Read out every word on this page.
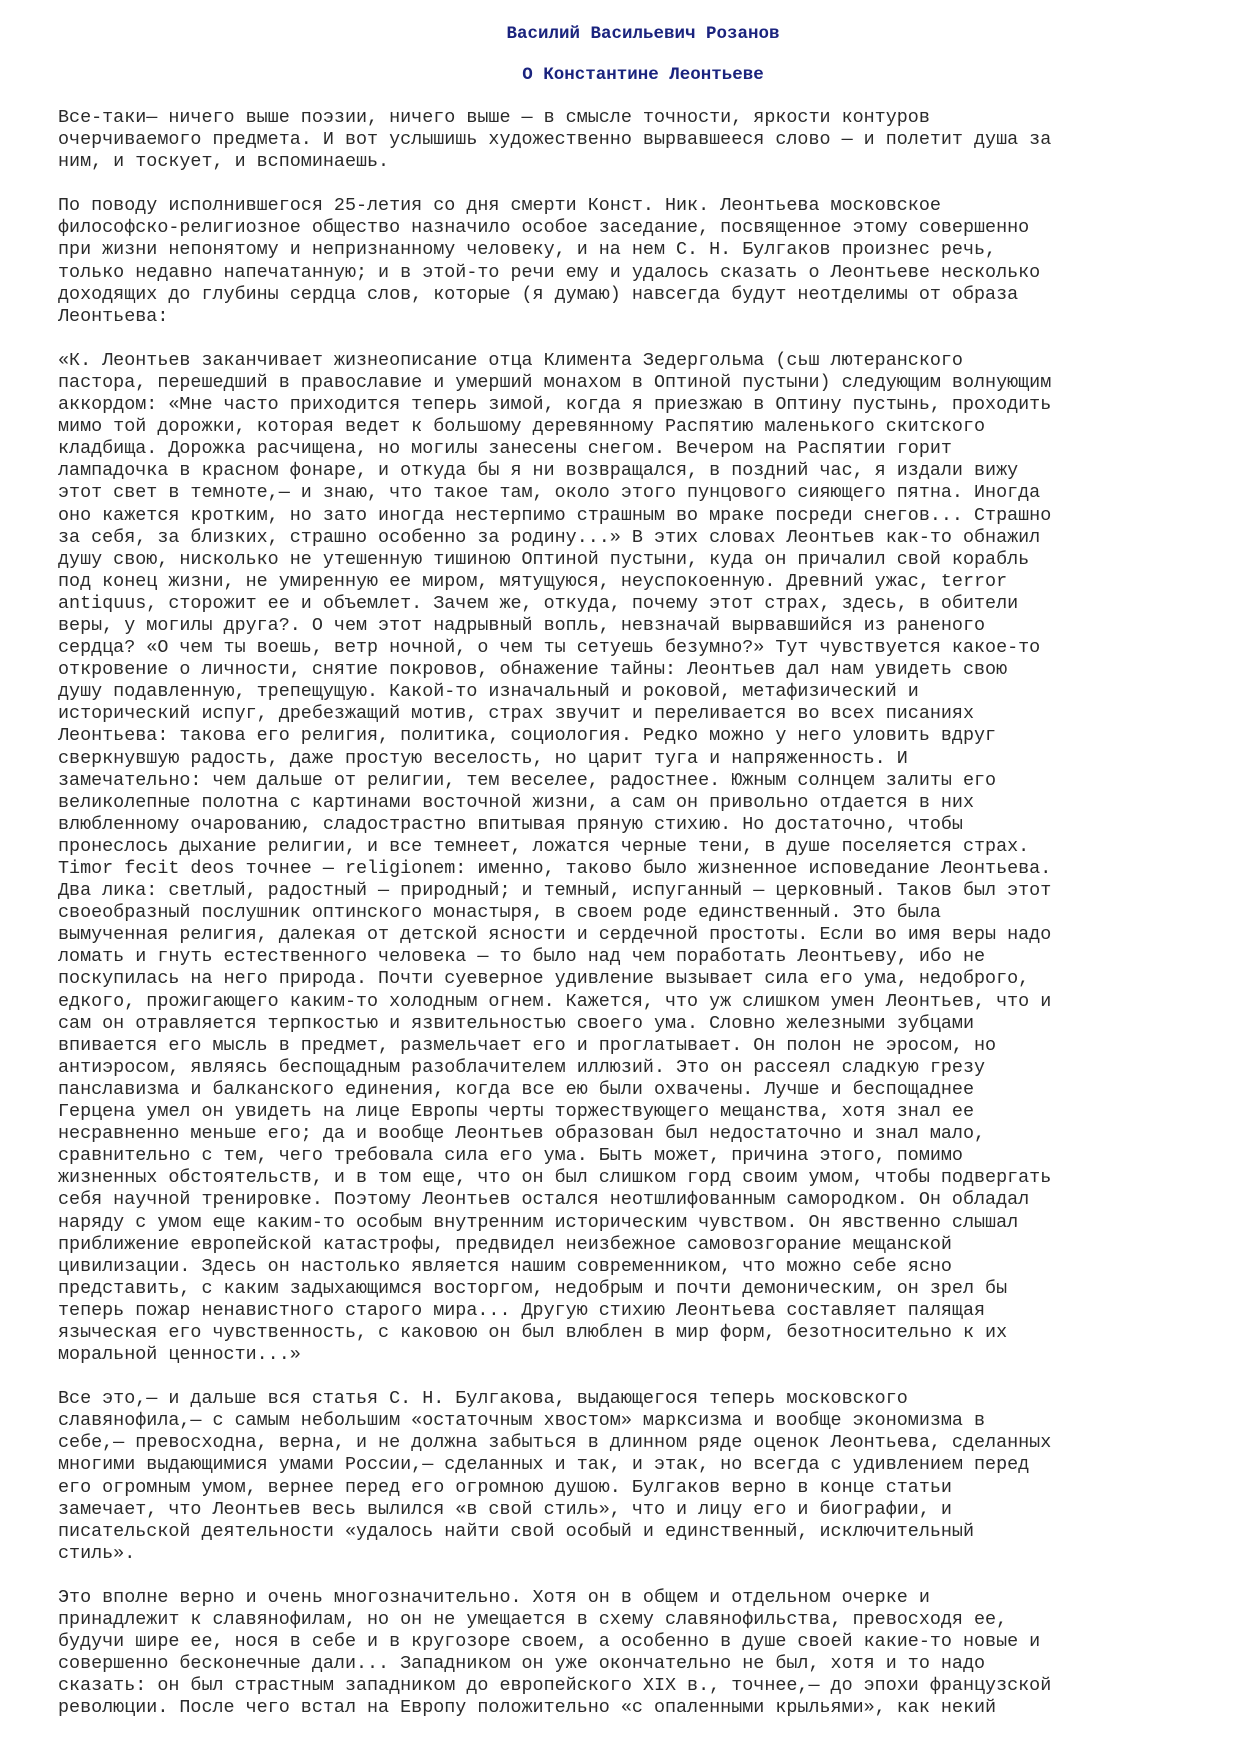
Василий Васильевич Розанов
О Константине Леонтьеве

Все-таки— ничего выше поэзии, ничего выше — в смысле точности, яркости контуров
очерчиваемого предмета. И вот услышишь художественно вырвавшееся слово — и полетит душа за
ним, и тоскует, и вспоминаешь.

По поводу исполнившегося 25-летия со дня смерти Конст. Ник. Леонтьева московское
философско-религиозное общество назначило особое заседание, посвященное этому совершенно
при жизни непонятому и непризнанному человеку, и на нем С. Н. Булгаков произнес речь,
только недавно напечатанную; и в этой-то речи ему и удалось сказать о Леонтьеве несколько
доходящих до глубины сердца слов, которые (я думаю) навсегда будут неотделимы от образа
Леонтьева:

«К. Леонтьев заканчивает жизнеописание отца Климента Зедергольма (сьш лютеранского
пастора, перешедший в православие и умерший монахом в Оптиной пустыни) следующим волнующим
аккордом: «Мне часто приходится теперь зимой, когда я приезжаю в Оптину пустынь, проходить
мимо той дорожки, которая ведет к большому деревянному Распятию маленького скитского
кладбища. Дорожка расчищена, но могилы занесены снегом. Вечером на Распятии горит
лампадочка в красном фонаре, и откуда бы я ни возвращался, в поздний час, я издали вижу
этот свет в темноте,— и знаю, что такое там, около этого пунцового сияющего пятна. Иногда
оно кажется кротким, но зато иногда нестерпимо страшным во мраке посреди снегов... Страшно
за себя, за близких, страшно особенно за родину...» В этих словах Леонтьев как-то обнажил
душу свою, нисколько не утешенную тишиною Оптиной пустыни, куда он причалил свой корабль
под конец жизни, не умиренную ее миром, мятущуюся, неуспокоенную. Древний ужас, terror
antiquus, сторожит ее и объемлет. Зачем же, откуда, почему этот страх, здесь, в обители
веры, у могилы друга?. О чем этот надрывный вопль, невзначай вырвавшийся из раненого
сердца? «О чем ты воешь, ветр ночной, о чем ты сетуешь безумно?» Тут чувствуется какое-то
откровение о личности, снятие покровов, обнажение тайны: Леонтьев дал нам увидеть свою
душу подавленную, трепещущую. Какой-то изначальный и роковой, метафизический и
исторический испуг, дребезжащий мотив, страх звучит и переливается во всех писаниях
Леонтьева: такова его религия, политика, социология. Редко можно у него уловить вдруг
сверкнувшую радость, даже простую веселость, но царит туга и напряженность. И
замечательно: чем дальше от религии, тем веселее, радостнее. Южным солнцем залиты его
великолепные полотна с картинами восточной жизни, а сам он привольно отдается в них
влюбленному очарованию, сладострастно впитывая пряную стихию. Но достаточно, чтобы
пронеслось дыхание религии, и все темнеет, ложатся черные тени, в душе поселяется страх.
Timor fecit deos точнее — religionem: именно, таково было жизненное исповедание Леонтьева.
Два лика: светлый, радостный — природный; и темный, испуганный — церковный. Таков был этот
своеобразный послушник оптинского монастыря, в своем роде единственный. Это была
вымученная религия, далекая от детской ясности и сердечной простоты. Если во имя веры надо
ломать и гнуть естественного человека — то было над чем поработать Леонтьеву, ибо не
поскупилась на него природа. Почти суеверное удивление вызывает сила его ума, недоброго,
едкого, прожигающего каким-то холодным огнем. Кажется, что уж слишком умен Леонтьев, что и
сам он отравляется терпкостью и язвительностью своего ума. Словно железными зубцами
впивается его мысль в предмет, размельчает его и проглатывает. Он полон не эросом, но
антиэросом, являясь беспощадным разоблачителем иллюзий. Это он рассеял сладкую грезу
панславизма и балканского единения, когда все ею были охвачены. Лучше и беспощаднее
Герцена умел он увидеть на лице Европы черты торжествующего мещанства, хотя знал ее
несравненно меньше его; да и вообще Леонтьев образован был недостаточно и знал мало,
сравнительно с тем, чего требовала сила его ума. Быть может, причина этого, помимо
жизненных обстоятельств, и в том еще, что он был слишком горд своим умом, чтобы подвергать
себя научной тренировке. Поэтому Леонтьев остался неотшлифованным самородком. Он обладал
наряду с умом еще каким-то особым внутренним историческим чувством. Он явственно слышал
приближение европейской катастрофы, предвидел неизбежное самовозгорание мещанской
цивилизации. Здесь он настолько является нашим современником, что можно себе ясно
представить, с каким задыхающимся восторгом, недобрым и почти демоническим, он зрел бы
теперь пожар ненавистного старого мира... Другую стихию Леонтьева составляет палящая
языческая его чувственность, с каковою он был влюблен в мир форм, безотносительно к их
моральной ценности...»

Все это,— и дальше вся статья С. Н. Булгакова, выдающегося теперь московского
славянофила,— с самым небольшим «остаточным хвостом» марксизма и вообще экономизма в
себе,— превосходна, верна, и не должна забыться в длинном ряде оценок Леонтьева, сделанных
многими выдающимися умами России,— сделанных и так, и этак, но всегда с удивлением перед
его огромным умом, вернее перед его огромною душою. Булгаков верно в конце статьи
замечает, что Леонтьев весь вылился «в свой стиль», что и лицу его и биографии, и
писательской деятельности «удалось найти свой особый и единственный, исключительный
стиль».

Это вполне верно и очень многозначительно. Хотя он в общем и отдельном очерке и
принадлежит к славянофилам, но он не умещается в схему славянофильства, превосходя ее,
будучи шире ее, нося в себе и в кругозоре своем, а особенно в душе своей какие-то новые и
совершенно бесконечные дали... Западником он уже окончательно не был, хотя и то надо
сказать: он был страстным западником до европейского XIX в., точнее,— до эпохи французской
революции. После чего встал на Европу положительно «с опаленными крыльями», как некий
